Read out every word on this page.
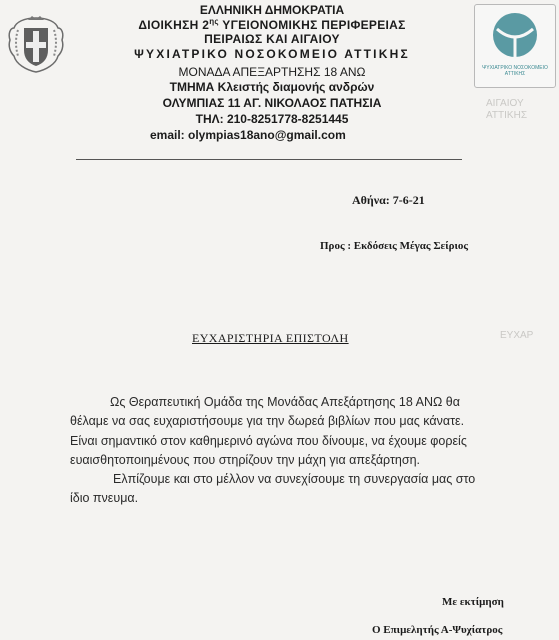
ΑΙΓΑΙΟΥ
ΑΤΤΙΚΗΣ
ΕΥΧΑΡ
ΨΥΧΙΑΤΡΙΚΟ ΝΟΣΟΚΟΜΕΙΟ ΑΤΤΙΚΗΣ
ΕΛΛΗΝΙΚΗ ΔΗΜΟΚΡΑΤΙΑ
ΔΙΟΙΚΗΣΗ $2^{\eta\varsigma}$ ΥΓΕΙΟΝΟΜΙΚΗΣ ΠΕΡΙΦΕΡΕΙΑΣ
ΠΕΙΡΑΙΩΣ ΚΑΙ ΑΙΓΑΙΟΥ
ΨΥΧΙΑΤΡΙΚΟ ΝΟΣΟΚΟΜΕΙΟ ΑΤΤΙΚΗΣ
ΜΟΝΑΔΑ ΑΠΕΞΑΡΤΗΣΗΣ 18 ΑΝΩ
ΤΜΗΜΑ Κλειστής διαμονής ανδρών
ΟΛΥΜΠΙΑΣ 11 ΑΓ. ΝΙΚΟΛΑΟΣ ΠΑΤΗΣΙΑ
ΤΗΛ: 210-8251778-8251445
email: olympias18ano@gmail.com
Αθήνα: 7-6-21
Προς : Εκδόσεις Μέγας Σείριος
ΕΥΧΑΡΙΣΤΗΡΙΑ ΕΠΙΣΤΟΛΗ
Ως Θεραπευτική Ομάδα της Μονάδας Απεξάρτησης 18 ΑΝΩ θα
θέλαμε να σας ευχαριστήσουμε για την δωρεά βιβλίων που μας κάνατε.
Είναι σημαντικό στον καθημερινό αγώνα που δίνουμε, να έχουμε φορείς
ευαισθητοποιημένους που στηρίζουν την μάχη για απεξάρτηση.
Ελπίζουμε και στο μέλλον να συνεχίσουμε τη συνεργασία μας στο
ίδιο πνευμα.
Με εκτίμηση
Ο Επιμελητής Α-Ψυχίατρος
